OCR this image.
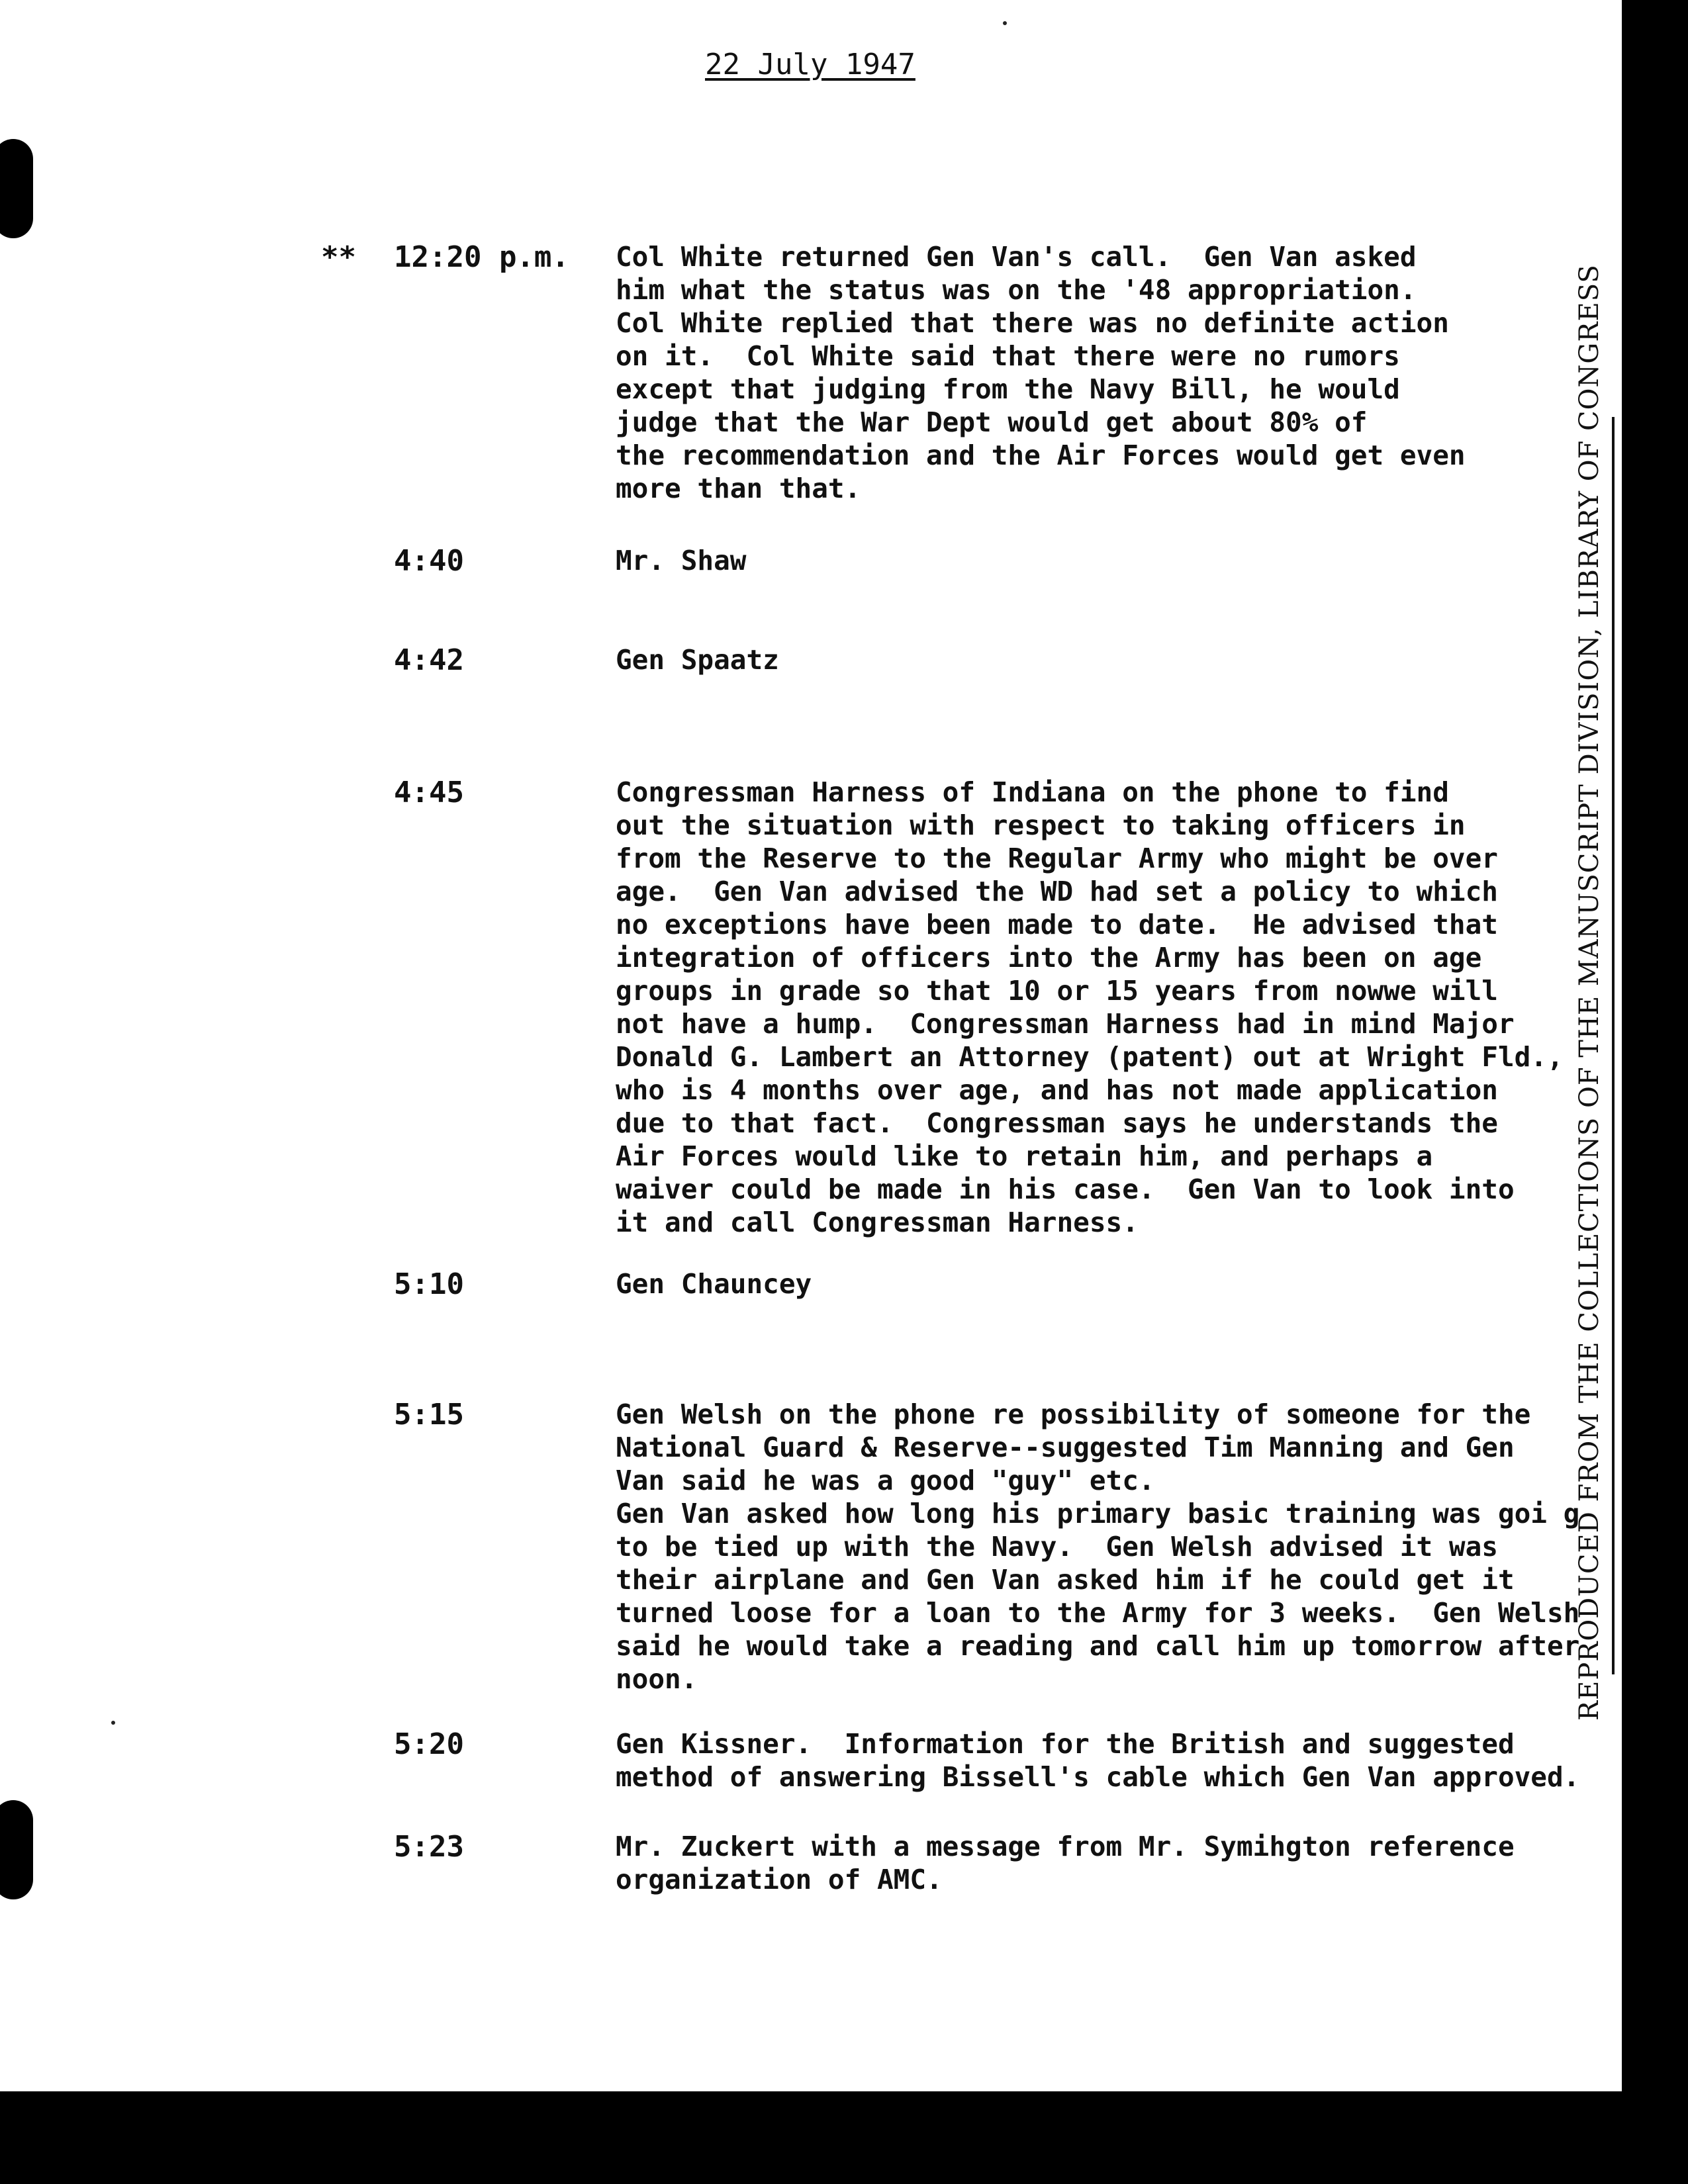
22 July 1947
** 12:20 p.m. Col White returned Gen Van's call.  Gen Van asked
him what the status was on the '48 appropriation.
Col White replied that there was no definite action
on it.  Col White said that there were no rumors
except that judging from the Navy Bill, he would
judge that the War Dept would get about 80% of
the recommendation and the Air Forces would get even
more than that.
4:40	Mr. Shaw
4:42	Gen Spaatz
4:45	Congressman Harness of Indiana on the phone to find
out the situation with respect to taking officers in
from the Reserve to the Regular Army who might be over
age.  Gen Van advised the WD had set a policy to which
no exceptions have been made to date.  He advised that
integration of officers into the Army has been on age
groups in grade so that 10 or 15 years from nowwe will
not have a hump.  Congressman Harness had in mind Major
Donald G. Lambert an Attorney (patent) out at Wright Fld.,
who is 4 months over age, and has not made application
due to that fact.  Congressman says he understands the
Air Forces would like to retain him, and perhaps a
waiver could be made in his case.  Gen Van to look into
it and call Congressman Harness.
5:10	Gen Chauncey
5:15	Gen Welsh on the phone re possibility of someone for the
National Guard & Reserve--suggested Tim Manning and Gen
Van said he was a good "guy" etc.
Gen Van asked how long his primary basic training was goi g
to be tied up with the Navy.  Gen Welsh advised it was
their airplane and Gen Van asked him if he could get it
turned loose for a loan to the Army for 3 weeks.  Gen Welsh
said he would take a reading and call him up tomorrow after
noon.
5:20	Gen Kissner.  Information for the British and suggested
method of answering Bissell's cable which Gen Van approved.
5:23	Mr. Zuckert with a message from Mr. Symihgton reference
organization of AMC.
REPRODUCED FROM THE COLLECTIONS OF THE MANUSCRIPT DIVISION, LIBRARY OF CONGRESS
